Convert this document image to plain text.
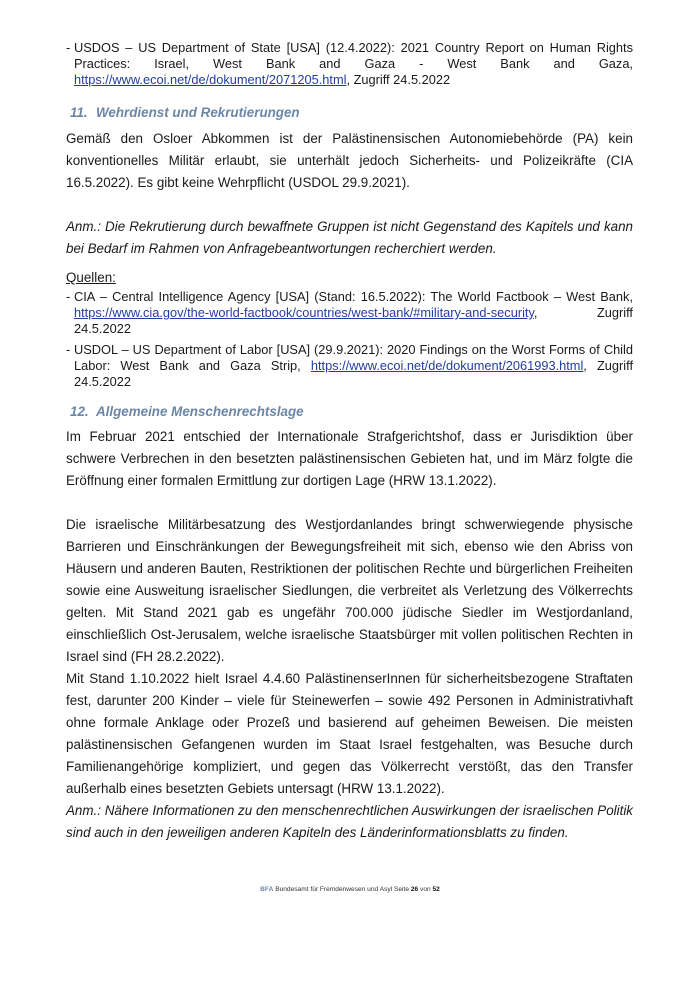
- USDOS – US Department of State [USA] (12.4.2022): 2021 Country Report on Human Rights Practices: Israel, West Bank and Gaza - West Bank and Gaza, https://www.ecoi.net/de/dokument/2071205.html, Zugriff 24.5.2022
11. Wehrdienst und Rekrutierungen

Gemäß den Osloer Abkommen ist der Palästinensischen Autonomiebehörde (PA) kein konventionelles Militär erlaubt, sie unterhält jedoch Sicherheits- und Polizeikräfte (CIA 16.5.2022). Es gibt keine Wehrpflicht (USDOL 29.9.2021).

Anm.: Die Rekrutierung durch bewaffnete Gruppen ist nicht Gegenstand des Kapitels und kann bei Bedarf im Rahmen von Anfragebeantwortungen recherchiert werden.

Quellen:

- CIA – Central Intelligence Agency [USA] (Stand: 16.5.2022): The World Factbook – West Bank, https://www.cia.gov/the-world-factbook/countries/west-bank/#military-and-security, Zugriff 24.5.2022
- USDOL – US Department of Labor [USA] (29.9.2021): 2020 Findings on the Worst Forms of Child Labor: West Bank and Gaza Strip, https://www.ecoi.net/de/dokument/2061993.html, Zugriff 24.5.2022
12. Allgemeine Menschenrechtslage

Im Februar 2021 entschied der Internationale Strafgerichtshof, dass er Jurisdiktion über schwere Verbrechen in den besetzten palästinensischen Gebieten hat, und im März folgte die Eröffnung einer formalen Ermittlung zur dortigen Lage (HRW 13.1.2022).

Die israelische Militärbesatzung des Westjordanlandes bringt schwerwiegende physische Barrieren und Einschränkungen der Bewegungsfreiheit mit sich, ebenso wie den Abriss von Häusern und anderen Bauten, Restriktionen der politischen Rechte und bürgerlichen Freiheiten sowie eine Ausweitung israelischer Siedlungen, die verbreitet als Verletzung des Völkerrechts gelten. Mit Stand 2021 gab es ungefähr 700.000 jüdische Siedler im Westjordanland, einschließlich Ost-Jerusalem, welche israelische Staatsbürger mit vollen politischen Rechten in Israel sind (FH 28.2.2022).

Mit Stand 1.10.2022 hielt Israel 4.4.60 PalästinenserInnen für sicherheitsbezogene Straftaten fest, darunter 200 Kinder – viele für Steinewerfen – sowie 492 Personen in Administrativhaft ohne formale Anklage oder Prozeß und basierend auf geheimen Beweisen. Die meisten palästinensischen Gefangenen wurden im Staat Israel festgehalten, was Besuche durch Familienangehörige kompliziert, und gegen das Völkerrecht verstößt, das den Transfer außerhalb eines besetzten Gebiets untersagt (HRW 13.1.2022).

Anm.: Nähere Informationen zu den menschenrechtlichen Auswirkungen der israelischen Politik sind auch in den jeweiligen anderen Kapiteln des Länderinformationsblatts zu finden.

BFA Bundesamt für Fremdenwesen und Asyl Seite 26 von 52
